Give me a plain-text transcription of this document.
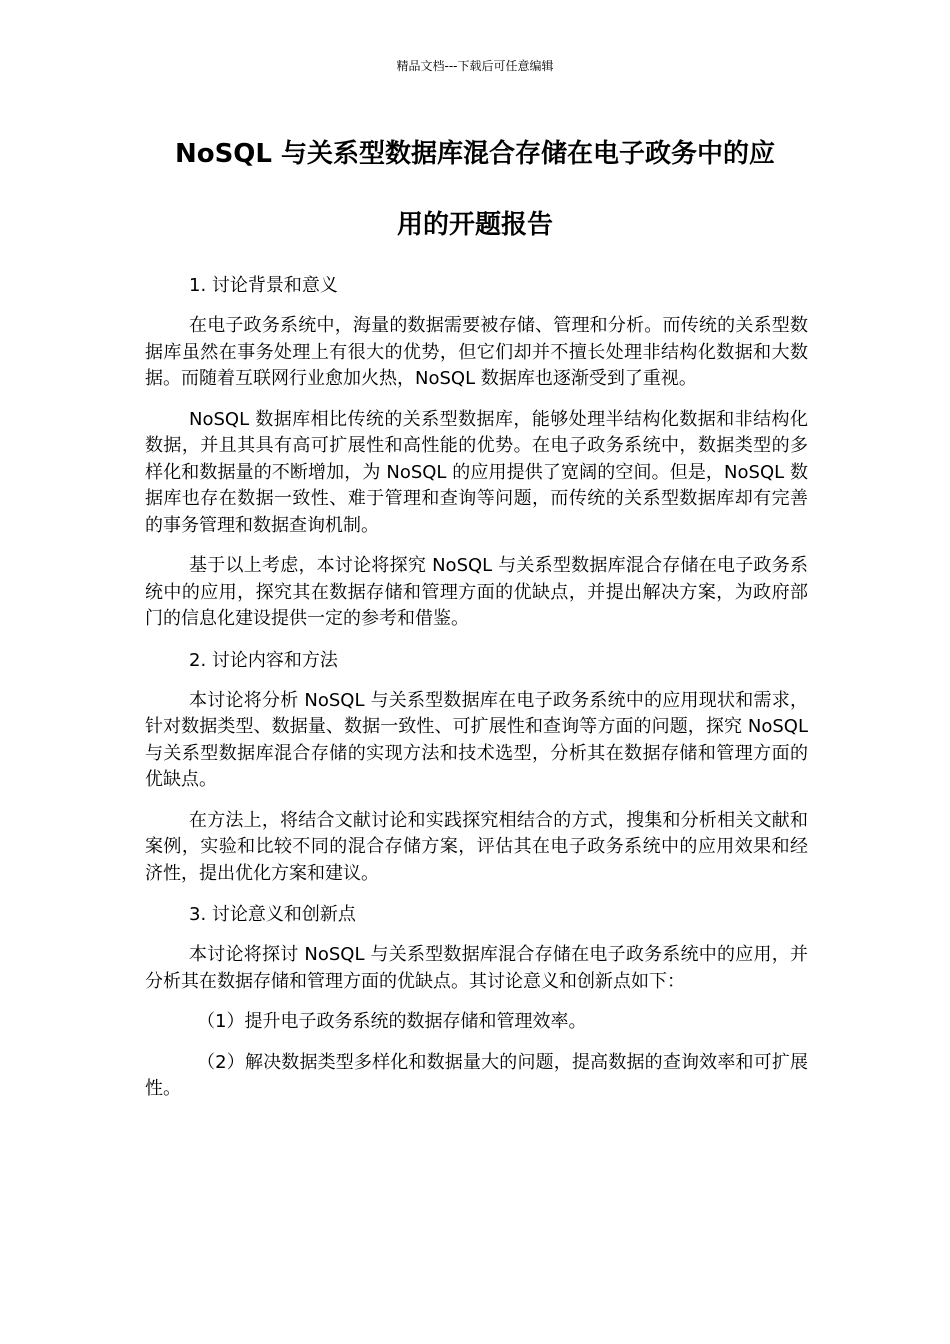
精品文档---下载后可任意编辑
NoSQL 与关系型数据库混合存储在电子政务中的应
用的开题报告
1. 讨论背景和意义

在电子政务系统中，海量的数据需要被存储、管理和分析。而传统的关系型数据库虽然在事务处理上有很大的优势，但它们却并不擅长处理非结构化数据和大数据。而随着互联网行业愈加火热，NoSQL 数据库也逐渐受到了重视。

NoSQL 数据库相比传统的关系型数据库，能够处理半结构化数据和非结构化数据，并且其具有高可扩展性和高性能的优势。在电子政务系统中，数据类型的多样化和数据量的不断增加，为 NoSQL 的应用提供了宽阔的空间。但是，NoSQL 数据库也存在数据一致性、难于管理和查询等问题，而传统的关系型数据库却有完善的事务管理和数据查询机制。

基于以上考虑，本讨论将探究 NoSQL 与关系型数据库混合存储在电子政务系统中的应用，探究其在数据存储和管理方面的优缺点，并提出解决方案，为政府部门的信息化建设提供一定的参考和借鉴。

2. 讨论内容和方法

本讨论将分析 NoSQL 与关系型数据库在电子政务系统中的应用现状和需求，针对数据类型、数据量、数据一致性、可扩展性和查询等方面的问题，探究 NoSQL 与关系型数据库混合存储的实现方法和技术选型，分析其在数据存储和管理方面的优缺点。

在方法上，将结合文献讨论和实践探究相结合的方式，搜集和分析相关文献和案例，实验和比较不同的混合存储方案，评估其在电子政务系统中的应用效果和经济性，提出优化方案和建议。

3. 讨论意义和创新点

本讨论将探讨 NoSQL 与关系型数据库混合存储在电子政务系统中的应用，并分析其在数据存储和管理方面的优缺点。其讨论意义和创新点如下：

（1）提升电子政务系统的数据存储和管理效率。

（2）解决数据类型多样化和数据量大的问题，提高数据的查询效率和可扩展性。
